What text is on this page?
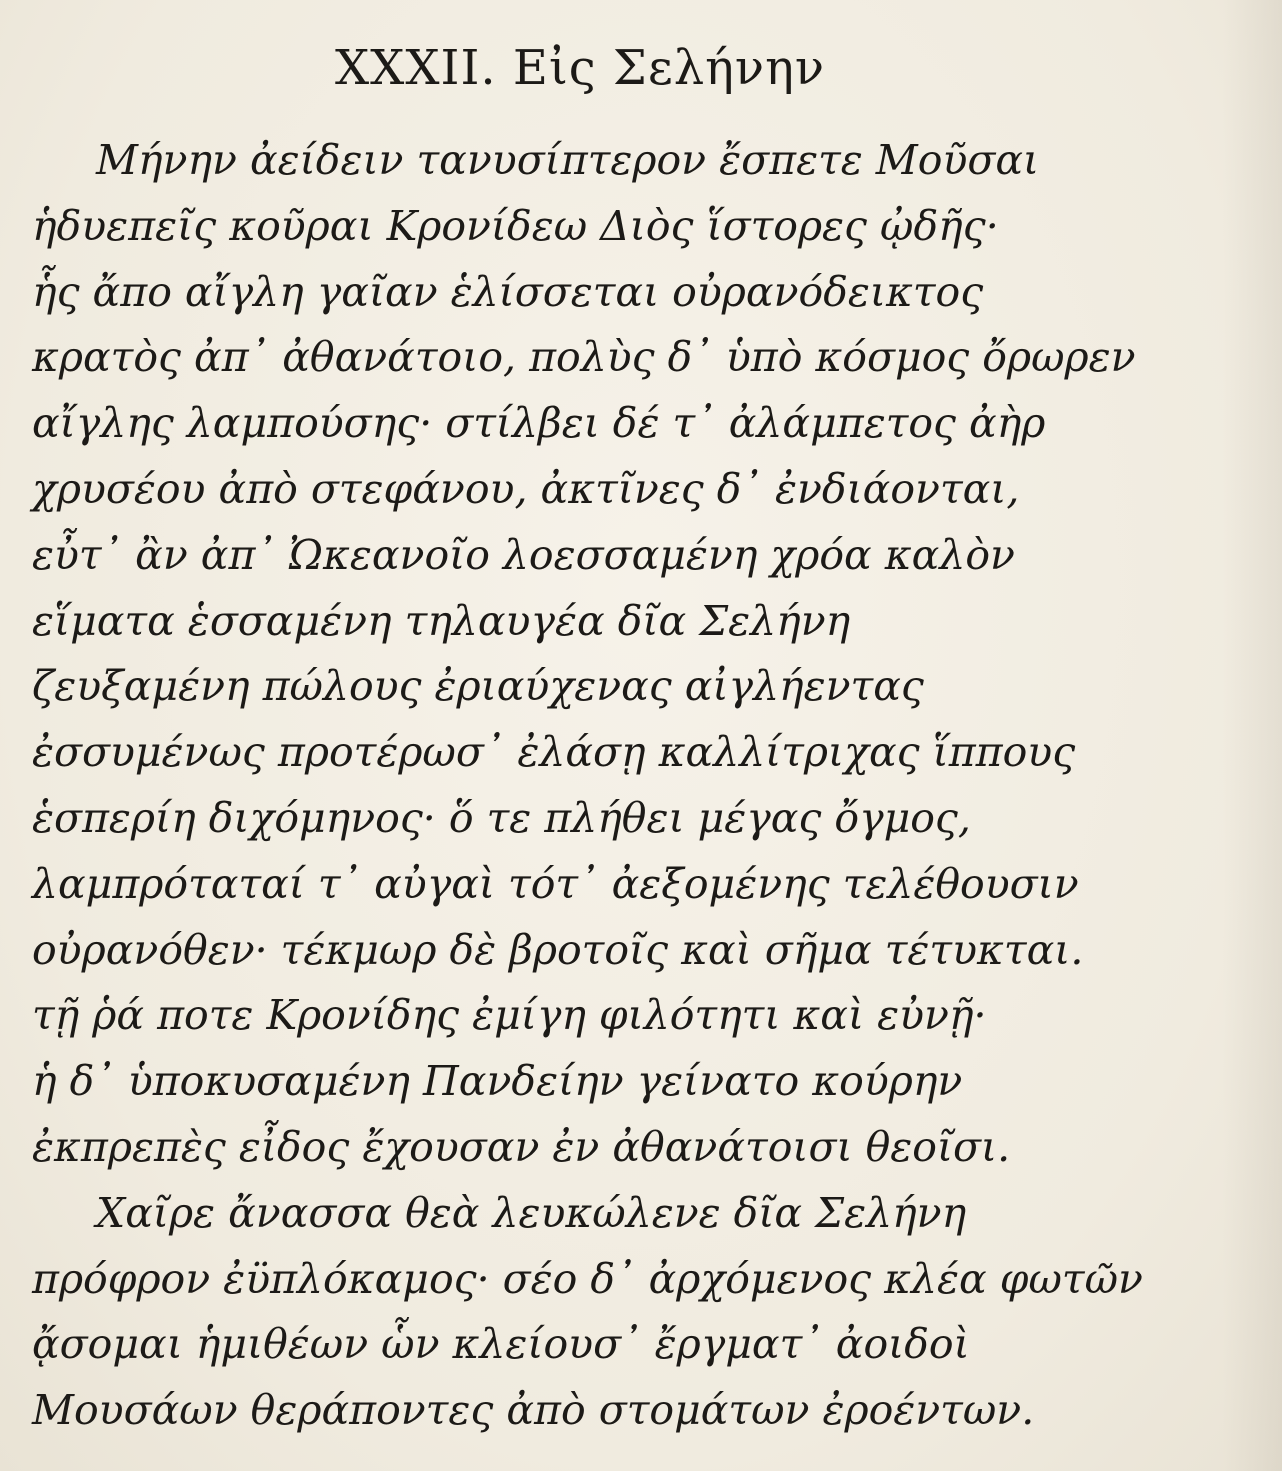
XXXII. Εἰς Σελήνην
Μήνην ἀείδειν τανυσίπτερον ἔσπετε Μοῦσαι
ἡδυεπεῖς κοῦραι Κρονίδεω Διὸς ἵστορες ᾠδῆς·
ἧς ἄπο αἴγλη γαῖαν ἑλίσσεται οὐρανόδεικτος
κρατὸς ἀπ᾽ ἀθανάτοιο, πολὺς δ᾽ ὑπὸ κόσμος ὄρωρεν
αἴγλης λαμπούσης· στίλβει δέ τ᾽ ἀλάμπετος ἀὴρ
χρυσέου ἀπὸ στεφάνου, ἀκτῖνες δ᾽ ἐνδιάονται,
εὖτ᾽ ἂν ἀπ᾽ Ὠκεανοῖο λοεσσαμένη χρόα καλὸν
εἵματα ἑσσαμένη τηλαυγέα δῖα Σελήνη
ζευξαμένη πώλους ἐριαύχενας αἰγλήεντας
ἐσσυμένως προτέρωσ᾽ ἐλάσῃ καλλίτριχας ἵππους
ἑσπερίη διχόμηνος· ὅ τε πλήθει μέγας ὄγμος,
λαμπρόταταί τ᾽ αὐγαὶ τότ᾽ ἀεξομένης τελέθουσιν
οὐρανόθεν· τέκμωρ δὲ βροτοῖς καὶ σῆμα τέτυκται.
τῇ ῥά ποτε Κρονίδης ἐμίγη φιλότητι καὶ εὐνῇ·
ἡ δ᾽ ὑποκυσαμένη Πανδείην γείνατο κούρην
ἐκπρεπὲς εἶδος ἔχουσαν ἐν ἀθανάτοισι θεοῖσι.
Χαῖρε ἄνασσα θεὰ λευκώλενε δῖα Σελήνη
πρόφρον ἐϋπλόκαμος· σέο δ᾽ ἀρχόμενος κλέα φωτῶν
ᾄσομαι ἡμιθέων ὧν κλείουσ᾽ ἔργματ᾽ ἀοιδοὶ
Μουσάων θεράποντες ἀπὸ στομάτων ἐροέντων.
